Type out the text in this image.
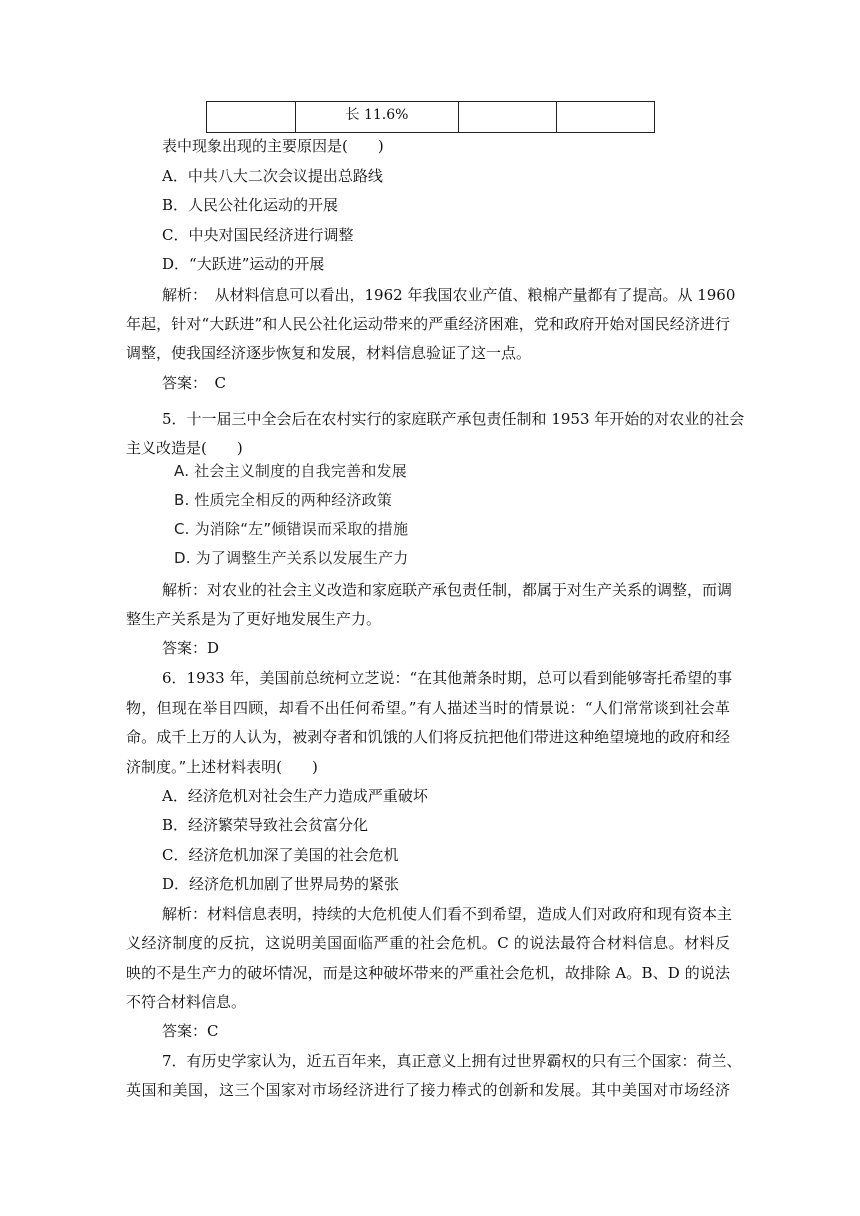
	长 11.6%		
表中现象出现的主要原因是(　　)
A．中共八大二次会议提出总路线
B．人民公社化运动的开展
C．中央对国民经济进行调整
D．“大跃进”运动的开展
解析：　从材料信息可以看出，1962 年我国农业产值、粮棉产量都有了提高。从 1960
年起，针对“大跃进”和人民公社化运动带来的严重经济困难，党和政府开始对国民经济进行
调整，使我国经济逐步恢复和发展，材料信息验证了这一点。
答案：　C
5．十一届三中全会后在农村实行的家庭联产承包责任制和 1953 年开始的对农业的社会
主义改造是(　　)
A. 社会主义制度的自我完善和发展
B. 性质完全相反的两种经济政策
C. 为消除“左”倾错误而采取的措施
D. 为了调整生产关系以发展生产力
解析：对农业的社会主义改造和家庭联产承包责任制，都属于对生产关系的调整，而调
整生产关系是为了更好地发展生产力。
答案：D
6．1933 年，美国前总统柯立芝说：“在其他萧条时期，总可以看到能够寄托希望的事
物，但现在举目四顾，却看不出任何希望。”有人描述当时的情景说：“人们常常谈到社会革
命。成千上万的人认为，被剥夺者和饥饿的人们将反抗把他们带进这种绝望境地的政府和经
济制度。”上述材料表明(　　)
A．经济危机对社会生产力造成严重破坏
B．经济繁荣导致社会贫富分化
C．经济危机加深了美国的社会危机
D．经济危机加剧了世界局势的紧张
解析：材料信息表明，持续的大危机使人们看不到希望，造成人们对政府和现有资本主
义经济制度的反抗，这说明美国面临严重的社会危机。C 的说法最符合材料信息。材料反
映的不是生产力的破坏情况，而是这种破坏带来的严重社会危机，故排除 A。B、D 的说法
不符合材料信息。
答案：C
7．有历史学家认为，近五百年来，真正意义上拥有过世界霸权的只有三个国家：荷兰、
英国和美国，这三个国家对市场经济进行了接力棒式的创新和发展。其中美国对市场经济
